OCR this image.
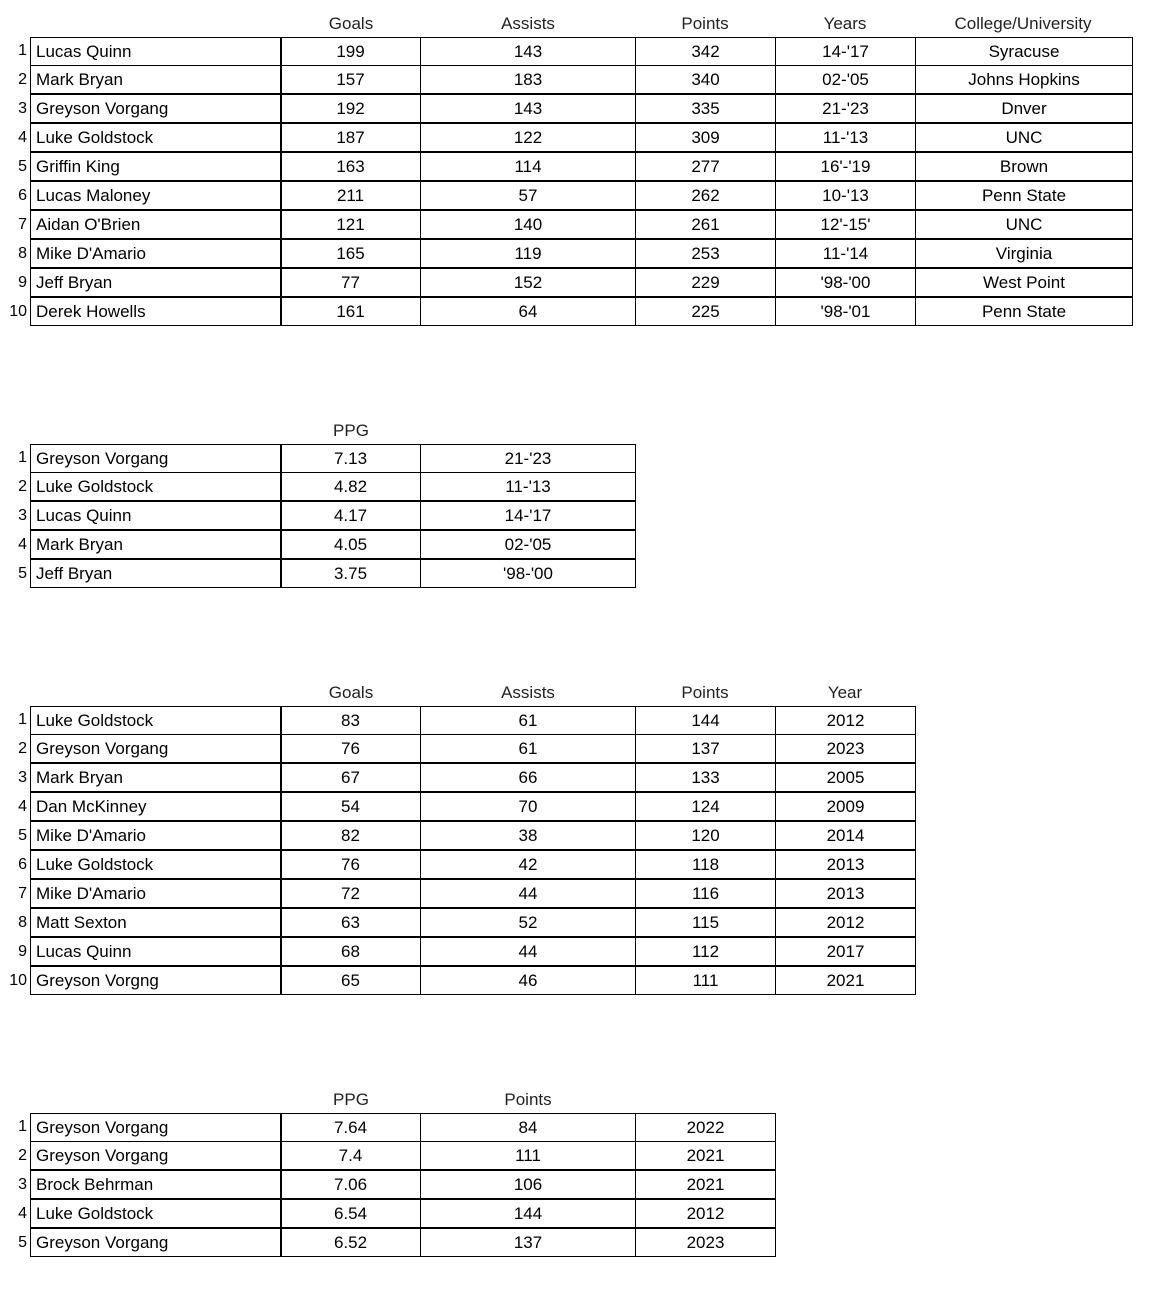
Goals	Assists	Points	Years	College/University
1 Lucas Quinn	199	143	342	14-'17	Syracuse
2 Mark Bryan	157	183	340	02-'05	Johns Hopkins
3 Greyson Vorgang	192	143	335	21-'23	Dnver
4 Luke Goldstock	187	122	309	11-'13	UNC
5 Griffin King	163	114	277	16'-'19	Brown
6 Lucas Maloney	211	57	262	10-'13	Penn State
7 Aidan O'Brien	121	140	261	12'-15'	UNC
8 Mike D'Amario	165	119	253	11-'14	Virginia
9 Jeff Bryan	77	152	229	'98-'00	West Point
10 Derek Howells	161	64	225	'98-'01	Penn State
PPG
1 Greyson Vorgang	7.13	21-'23
2 Luke Goldstock	4.82	11-'13
3 Lucas Quinn	4.17	14-'17
4 Mark Bryan	4.05	02-'05
5 Jeff Bryan	3.75	'98-'00
Goals	Assists	Points	Year
1 Luke Goldstock	83	61	144	2012
2 Greyson Vorgang	76	61	137	2023
3 Mark Bryan	67	66	133	2005
4 Dan McKinney	54	70	124	2009
5 Mike D'Amario	82	38	120	2014
6 Luke Goldstock	76	42	118	2013
7 Mike D'Amario	72	44	116	2013
8 Matt Sexton	63	52	115	2012
9 Lucas Quinn	68	44	112	2017
10 Greyson Vorgng	65	46	111	2021
PPG	Points
1 Greyson Vorgang	7.64	84	2022
2 Greyson Vorgang	7.4	111	2021
3 Brock Behrman	7.06	106	2021
4 Luke Goldstock	6.54	144	2012
5 Greyson Vorgang	6.52	137	2023
